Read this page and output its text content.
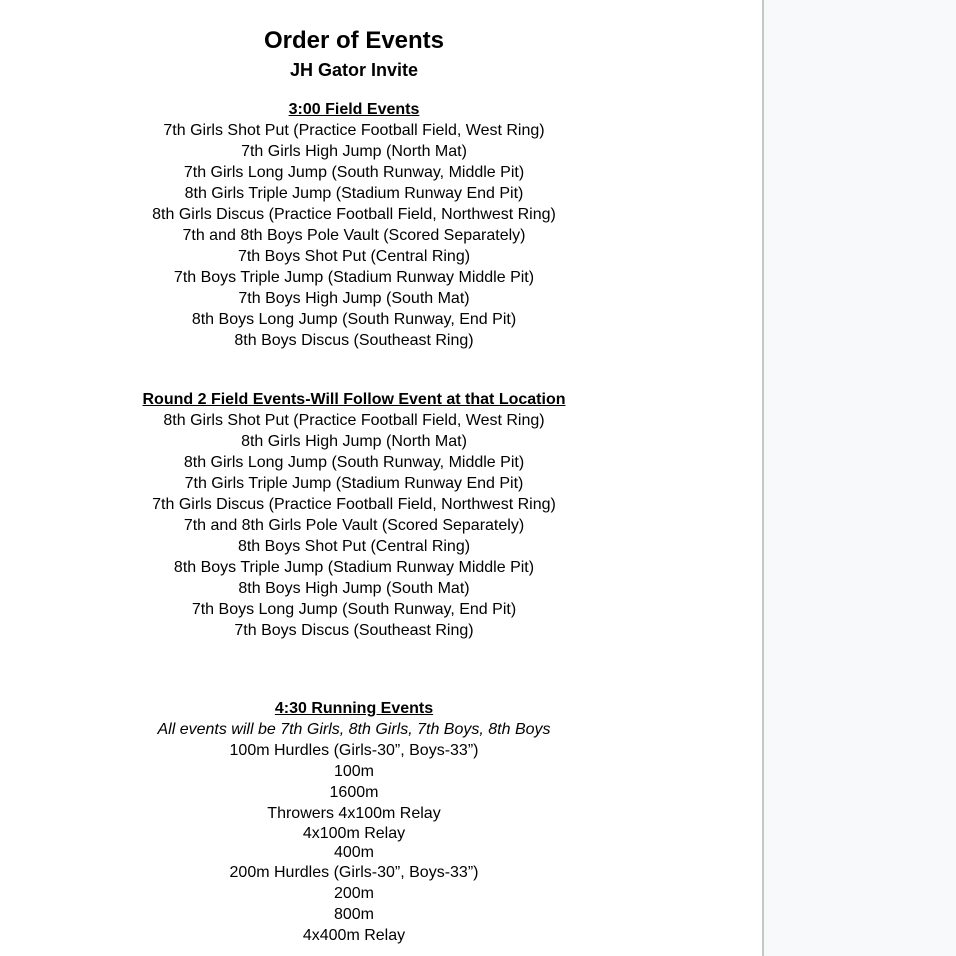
Order of Events
JH Gator Invite
3:00 Field Events
7th Girls Shot Put (Practice Football Field, West Ring)
7th Girls High Jump (North Mat)
7th Girls Long Jump (South Runway, Middle Pit)
8th Girls Triple Jump (Stadium Runway End Pit)
8th Girls Discus (Practice Football Field, Northwest Ring)
7th and 8th Boys Pole Vault (Scored Separately)
7th Boys Shot Put (Central Ring)
7th Boys Triple Jump (Stadium Runway Middle Pit)
7th Boys High Jump (South Mat)
8th Boys Long Jump (South Runway, End Pit)
8th Boys Discus (Southeast Ring)
Round 2 Field Events-Will Follow Event at that Location
8th Girls Shot Put (Practice Football Field, West Ring)
8th Girls High Jump (North Mat)
8th Girls Long Jump (South Runway, Middle Pit)
7th Girls Triple Jump (Stadium Runway End Pit)
7th Girls Discus (Practice Football Field, Northwest Ring)
7th and 8th Girls Pole Vault (Scored Separately)
8th Boys Shot Put (Central Ring)
8th Boys Triple Jump (Stadium Runway Middle Pit)
8th Boys High Jump (South Mat)
7th Boys Long Jump (South Runway, End Pit)
7th Boys Discus (Southeast Ring)
4:30 Running Events
All events will be 7th Girls, 8th Girls, 7th Boys, 8th Boys
100m Hurdles (Girls-30”, Boys-33”)
100m
1600m
Throwers 4x100m Relay
4x100m Relay
400m
200m Hurdles (Girls-30”, Boys-33”)
200m
800m
4x400m Relay
